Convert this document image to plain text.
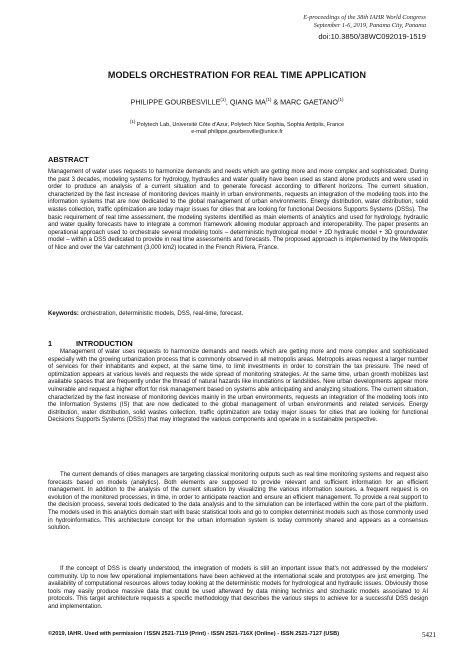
E-proceedings of the 38th IAHR World Congress
September 1-6, 2019, Panama City, Panama
doi:10.3850/38WC092019-1519
MODELS ORCHESTRATION FOR REAL TIME APPLICATION
PHILIPPE GOURBESVILLE$^{(1)}$, QIANG MA$^{(1)}$ & MARC GAETANO$^{(1)}$
$^{(1)}$ Polytech Lab, Université Côte d'Azur, Polytech Nice Sophia, Sophia Antiplis, France
e-mail philippe.gourbesville@unice.fr
ABSTRACT
Management of water uses requests to harmonize demands and needs which are getting more and more complex and sophisticated. During the past 3 decades, modeling systems for hydrology, hydraulics and water quality have been used as stand alone products and were used in order to produce an analysis of a current situation and to generate forecast according to different horizons. The current situation, characterized by the fast increase of monitoring devices mainly in urban environments, requests an integration of the modeling tools into the information systems that are now dedicated to the global management of urban environments. Energy distribution, water distribution, solid wastes collection, traffic optimization are today major issues for cities that are looking for functional Decisions Supports Systems (DSSs). The basic requirement of real time assessment, the modeling systems identified as main elements of analytics and used for hydrology, hydraulic and water quality forecasts have to integrate a common framework allowing modular approach and interoperability. The paper presents an operational approach used to orchestrate several modeling tools – deterministic hydrological model + 2D hydraulic model + 3D groundwater model – within a DSS dedicated to provide in real time assessments and forecasts. The proposed approach is implemented by the Metropolis of Nice and over the Var catchment (3,000 km2) located in the French Riviera, France.
Keywords: orchestration, deterministic models, DSS, real-time, forecast.
1	INTRODUCTION
Management of water uses requests to harmonize demands and needs which are getting more and more complex and sophisticated especially with the growing urbanization process that is commonly observed in all metropolis areas. Metropolis areas request a larger number of services for their inhabitants and expect, at the same time, to limit investments in order to constrain the tax pressure. The need of optimization appears at various levels and requests the wide spread of monitoring strategies. At the same time, urban growth mobilizes last available spaces that are frequently under the thread of natural hazards like inundations or landslides. New urban developments appear more vulnerable and request a higher effort for risk management based on systems able anticipating and analyzing situations. The current situation, characterized by the fast increase of monitoring devices mainly in the urban environments, requests an integration of the modeling tools into the Information Systems (IS) that are now dedicated to the global management of urban environments and related services. Energy distribution, water distribution, solid wastes collection, traffic optimization are today major issues for cities that are looking for functional Decisions Supports Systems (DSSs) that may integrated the various components and operate in a sustainable perspective.
The current demands of cities managers are targeting classical monitoring outputs such as real time monitoring systems and request also forecasts based on models (analytics). Both elements are supposed to provide relevant and sufficient information for an efficient management. In addition to the analysis of the current situation by visualizing the various information sources, a frequent request is on evolution of the monitored processes, in time, in order to anticipate reaction and ensure an efficient management. To provide a real support to the decision process, several tools dedicated to the data analysis and to the simulation can be interfaced within the core part of the platform. The models used in this analytics domain start with basic statistical tools and go to complex determinist models such as those commonly used in hydroinformatics. This architecture concept for the urban information system is today commonly shared and appears as a consensus solution.
If the concept of DSS is clearly understood, the integration of models is still an important issue that's not addressed by the modelers' community. Up to now few operational implementations have been achieved at the international scale and prototypes are just emerging. The availability of computational resources allows today looking at the deterministic models for hydrological and hydraulic issues. Obviously those tools may easily produce massive data that could be used afterward by data mining technics and stochastic models associated to AI protocols. This target architecture requests a specific methodology that describes the various steps to achieve for a successful DSS design and implementation.
©2019, IAHR. Used with permission / ISSN 2521-7119 (Print) - ISSN 2521-716X (Online) - ISSN 2521-7127 (USB)	5421
